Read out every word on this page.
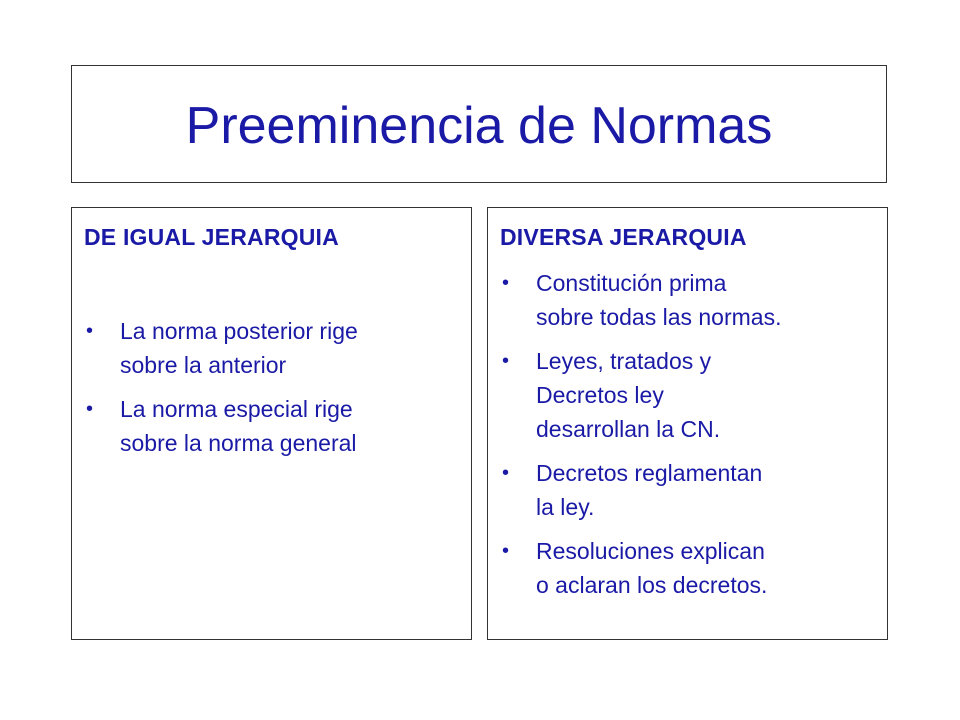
Preeminencia de Normas
DE IGUAL JERARQUIA
• La norma posterior rige
sobre la anterior
• La norma especial rige
sobre la norma general
DIVERSA JERARQUIA
• Constitución prima
sobre todas las normas.
• Leyes, tratados y
Decretos ley
desarrollan la CN.
• Decretos reglamentan
la ley.
• Resoluciones explican
o aclaran los decretos.
